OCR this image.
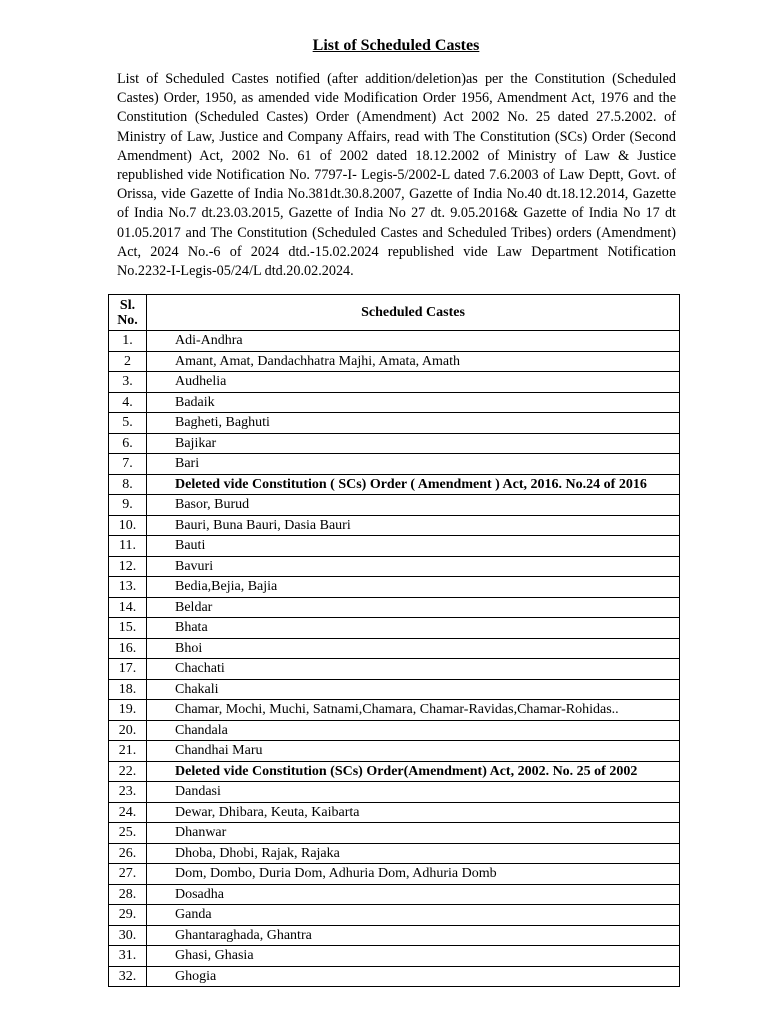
List of Scheduled Castes

List of Scheduled Castes notified (after addition/deletion)as per the Constitution (Scheduled Castes) Order, 1950, as amended vide Modification Order 1956, Amendment Act, 1976 and the Constitution (Scheduled Castes) Order (Amendment) Act 2002 No. 25 dated 27.5.2002. of Ministry of Law, Justice and Company Affairs, read with The Constitution (SCs) Order (Second Amendment) Act, 2002 No. 61 of 2002 dated 18.12.2002 of Ministry of Law & Justice republished vide Notification No. 7797-I- Legis-5/2002-L dated 7.6.2003 of Law Deptt, Govt. of Orissa, vide Gazette of India No.381dt.30.8.2007, Gazette of India No.40 dt.18.12.2014, Gazette of India No.7 dt.23.03.2015, Gazette of India No 27 dt. 9.05.2016& Gazette of India No 17 dt 01.05.2017 and The Constitution (Scheduled Castes and Scheduled Tribes) orders (Amendment) Act, 2024 No.-6 of 2024 dtd.-15.02.2024 republished vide Law Department Notification No.2232-I-Legis-05/24/L dtd.20.02.2024.

Sl.
No.	Scheduled Castes
1.	Adi-Andhra
2	Amant, Amat, Dandachhatra Majhi, Amata, Amath
3.	Audhelia
4.	Badaik
5.	Bagheti, Baghuti
6.	Bajikar
7.	Bari
8.	Deleted vide Constitution ( SCs) Order ( Amendment ) Act, 2016. No.24 of 2016
9.	Basor, Burud
10.	Bauri, Buna Bauri, Dasia Bauri
11.	Bauti
12.	Bavuri
13.	Bedia,Bejia, Bajia
14.	Beldar
15.	Bhata
16.	Bhoi
17.	Chachati
18.	Chakali
19.	Chamar, Mochi, Muchi, Satnami,Chamara, Chamar-Ravidas,Chamar-Rohidas..
20.	Chandala
21.	Chandhai Maru
22.	Deleted vide Constitution (SCs) Order(Amendment) Act, 2002. No. 25 of 2002
23.	Dandasi
24.	Dewar, Dhibara, Keuta, Kaibarta
25.	Dhanwar
26.	Dhoba, Dhobi, Rajak, Rajaka
27.	Dom, Dombo, Duria Dom, Adhuria Dom, Adhuria Domb
28.	Dosadha
29.	Ganda
30.	Ghantaraghada, Ghantra
31.	Ghasi, Ghasia
32.	Ghogia
